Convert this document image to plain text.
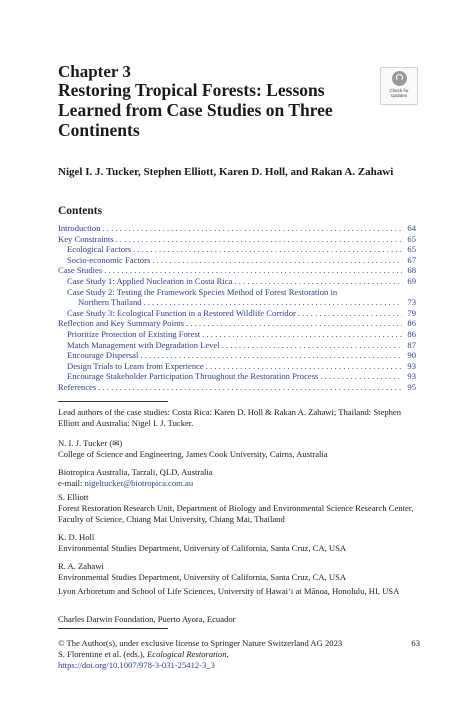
Chapter 3
Restoring Tropical Forests: Lessons Learned from Case Studies on Three Continents
Check for
updates
Nigel I. J. Tucker, Stephen Elliott, Karen D. Holl, and Rakan A. Zahawi
Contents
Introduction . . .	64
Key Constraints . . .	65
Ecological Factors . . .	65
Socio-economic Factors . . .	67
Case Studies . . .	68
Case Study 1: Applied Nucleation in Costa Rica . . .	69
Case Study 2: Testing the Framework Species Method of Forest Restoration in
Northern Thailand . . .	73
Case Study 3: Ecological Function in a Restored Wildlife Corridor . . .	79
Reflection and Key Summary Points . . .	86
Prioritize Protection of Existing Forest . . .	86
Match Management with Degradation Level . . .	87
Encourage Dispersal . . .	90
Design Trials to Learn from Experience . . .	93
Encourage Stakeholder Participation Throughout the Restoration Process . . .	93
References . . .	95
Lead authors of the case studies: Costa Rica: Karen D. Holl & Rakan A. Zahawi; Thailand: Stephen Elliott and Australia: Nigel I. J. Tucker.
N. I. J. Tucker (✉)
College of Science and Engineering, James Cook University, Cairns, Australia
Biotropica Australia, Tarzali, QLD, Australia
e-mail: nigeltucker@biotropica.com.au
S. Elliott
Forest Restoration Research Unit, Department of Biology and Environmental Science Research Center, Faculty of Science, Chiang Mai University, Chiang Mai, Thailand
K. D. Holl
Environmental Studies Department, University of California, Santa Cruz, CA, USA
R. A. Zahawi
Environmental Studies Department, University of California, Santa Cruz, CA, USA
Lyon Arboretum and School of Life Sciences, University of Hawaiʻi at Mānoa, Honolulu, HI, USA
Charles Darwin Foundation, Puerto Ayora, Ecuador
© The Author(s), under exclusive license to Springer Nature Switzerland AG 2023
S. Florentine et al. (eds.), Ecological Restoration,
https://doi.org/10.1007/978-3-031-25412-3_3
63
